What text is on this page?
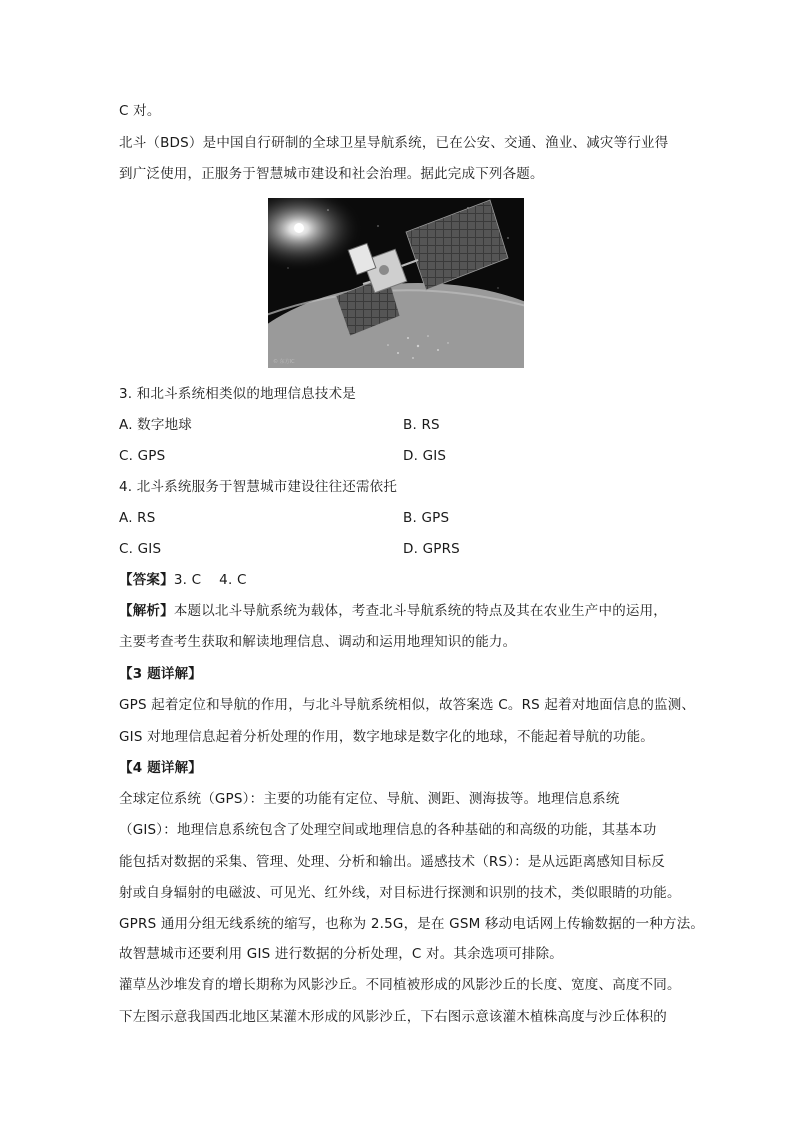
C 对。
北斗（BDS）是中国自行研制的全球卫星导航系统，已在公安、交通、渔业、减灾等行业得
到广泛使用，正服务于智慧城市建设和社会治理。据此完成下列各题。
© 东方IC
3. 和北斗系统相类似的地理信息技术是
A. 数字地球	B. RS
C. GPS	D. GIS
4. 北斗系统服务于智慧城市建设往往还需依托
A. RS	B. GPS
C. GIS	D. GPRS
【答案】3. C    4. C
【解析】本题以北斗导航系统为载体，考查北斗导航系统的特点及其在农业生产中的运用，
主要考查考生获取和解读地理信息、调动和运用地理知识的能力。
【3 题详解】
GPS 起着定位和导航的作用，与北斗导航系统相似，故答案选 C。RS 起着对地面信息的监测、
GIS 对地理信息起着分析处理的作用，数字地球是数字化的地球，不能起着导航的功能。
【4 题详解】
全球定位系统（GPS）：主要的功能有定位、导航、测距、测海拔等。地理信息系统
（GIS）：地理信息系统包含了处理空间或地理信息的各种基础的和高级的功能，其基本功
能包括对数据的采集、管理、处理、分析和输出。遥感技术（RS）：是从远距离感知目标反
射或自身辐射的电磁波、可见光、红外线，对目标进行探测和识别的技术，类似眼睛的功能。
GPRS 通用分组无线系统的缩写，也称为 2.5G，是在 GSM 移动电话网上传输数据的一种方法。
故智慧城市还要利用 GIS 进行数据的分析处理，C 对。其余选项可排除。
灌草丛沙堆发育的增长期称为风影沙丘。不同植被形成的风影沙丘的长度、宽度、高度不同。
下左图示意我国西北地区某灌木形成的风影沙丘，下右图示意该灌木植株高度与沙丘体积的
